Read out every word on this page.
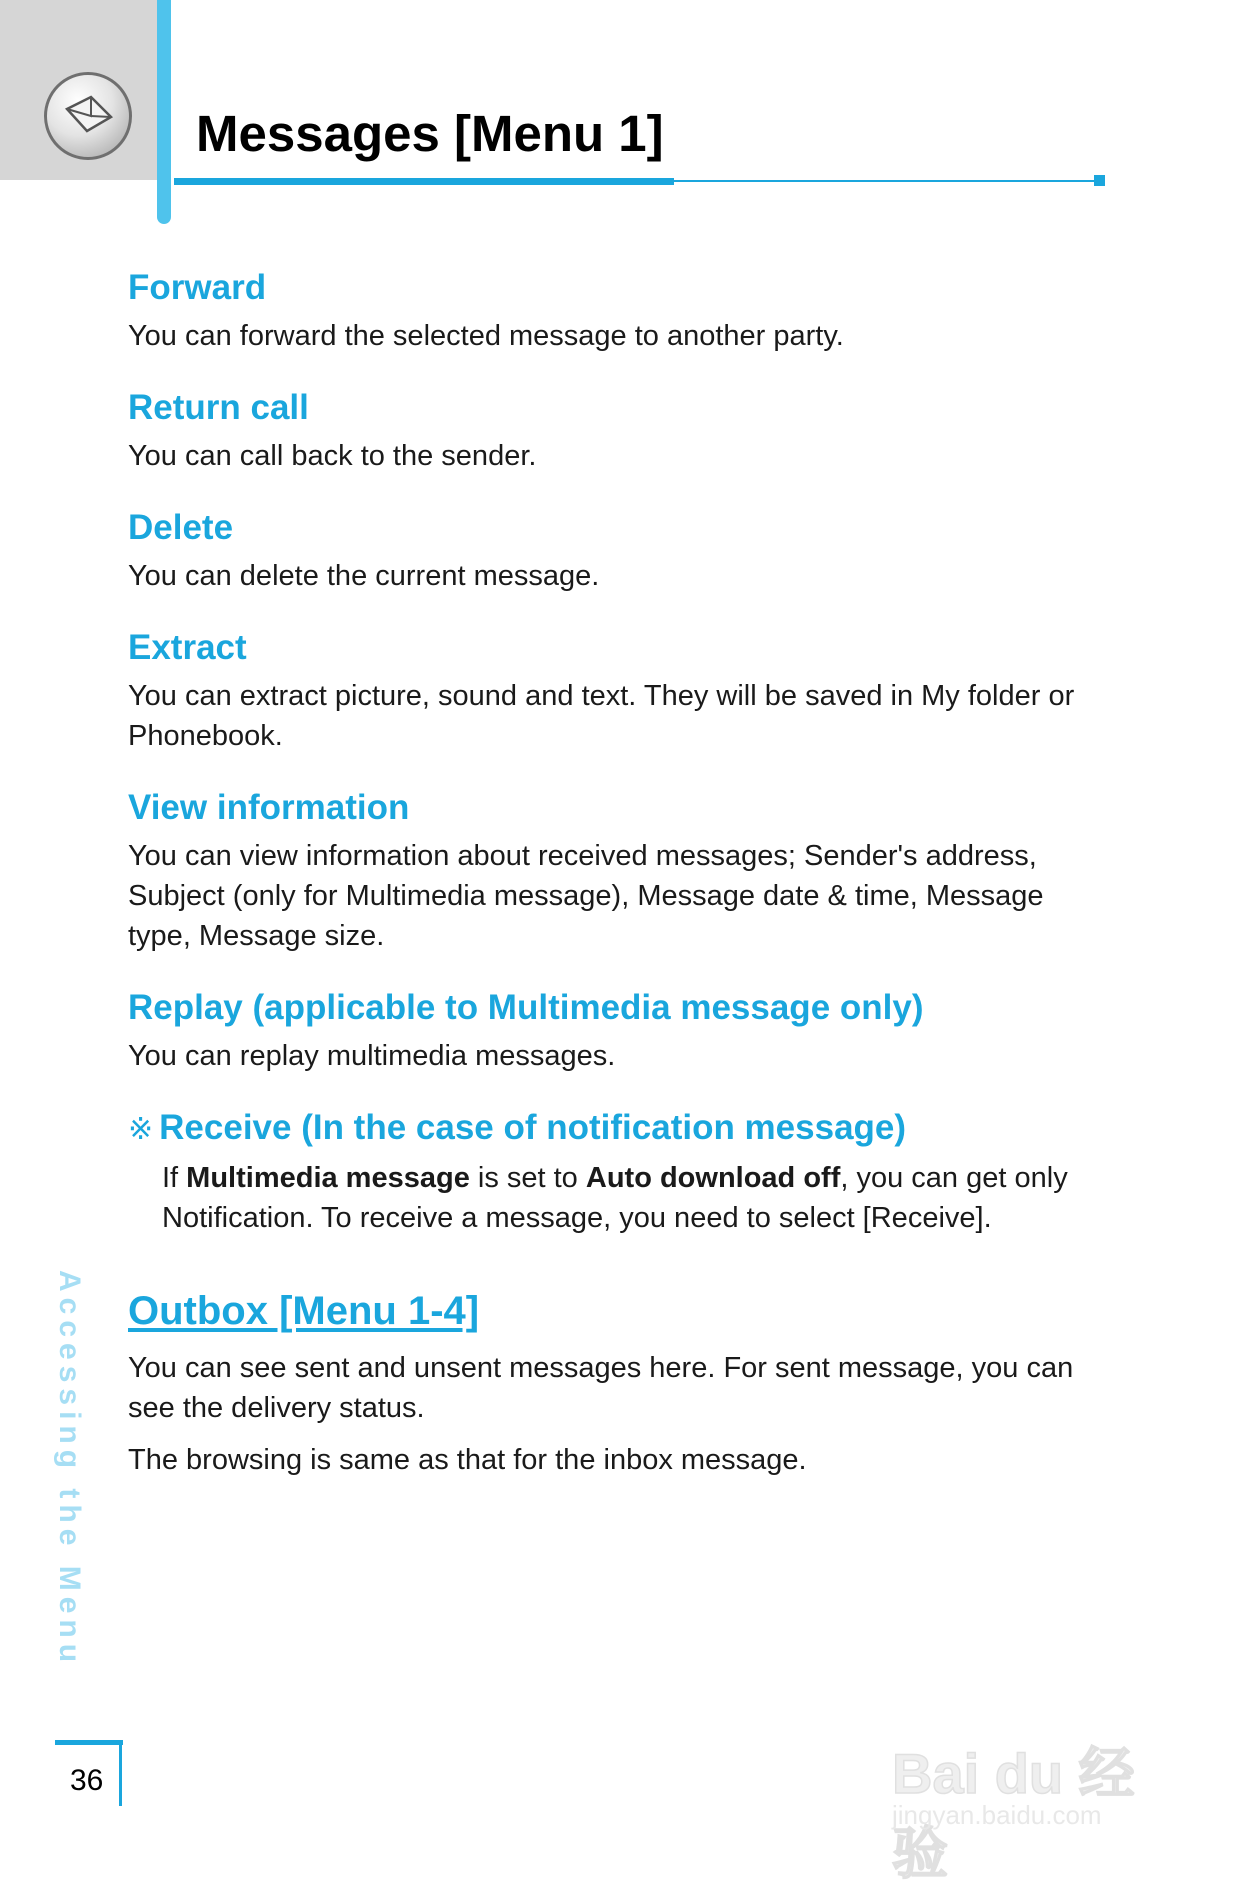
Messages [Menu 1]
Forward

You can forward the selected message to another party.

Return call

You can call back to the sender.

Delete

You can delete the current message.

Extract

You can extract picture, sound and text. They will be saved in My folder or Phonebook.

View information

You can view information about received messages; Sender's address, Subject (only for Multimedia message), Message date & time, Message type, Message size.

Replay (applicable to Multimedia message only)

You can replay multimedia messages.

※ Receive (In the case of notification message)

If Multimedia message is set to Auto download off, you can get only Notification. To receive a message, you need to select [Receive].

Outbox [Menu 1-4]

You can see sent and unsent messages here. For sent message, you can see the delivery status.

The browsing is same as that for the inbox message.

Accessing the Menu
36	Bai du 经验
jingyan.baidu.com
